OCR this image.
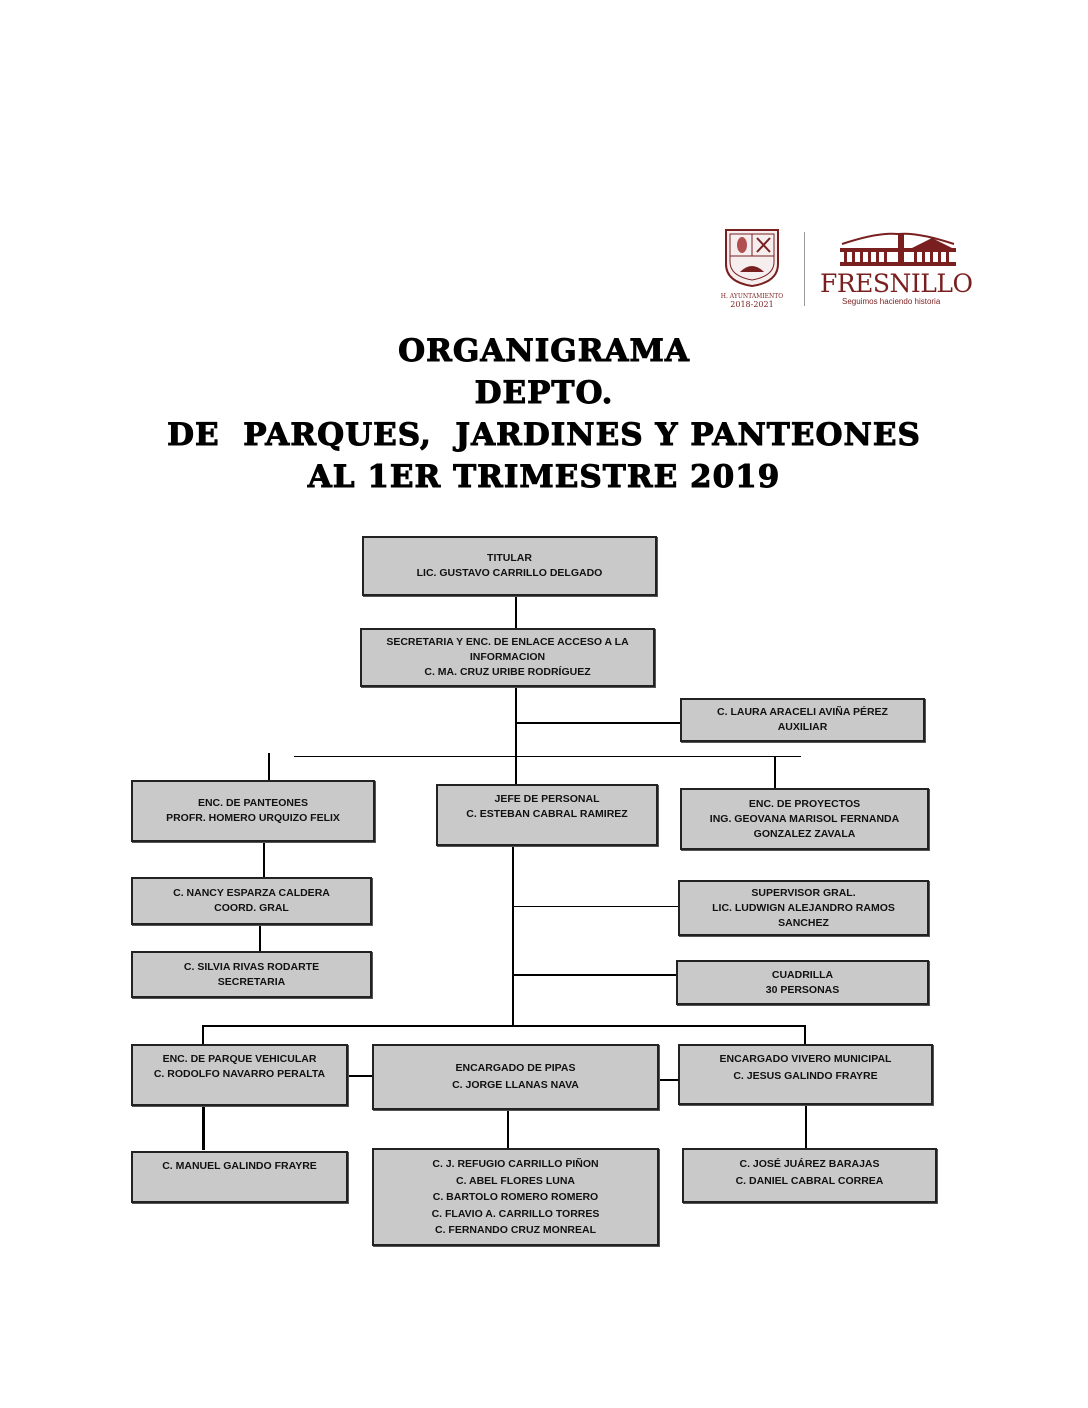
H. AYUNTAMIENTO
2018-2021
FRESNILLO
Seguimos haciendo historia
ORGANIGRAMA
DEPTO.
DE  PARQUES,  JARDINES Y PANTEONES
AL 1ER TRIMESTRE 2019
TITULAR
LIC. GUSTAVO CARRILLO DELGADO
SECRETARIA Y ENC. DE ENLACE ACCESO A LA
INFORMACION
C. MA. CRUZ URIBE RODRÍGUEZ
C. LAURA ARACELI AVIÑA PÉREZ
AUXILIAR
ENC. DE PANTEONES
PROFR. HOMERO URQUIZO FELIX
JEFE DE PERSONAL
C. ESTEBAN CABRAL RAMIREZ
ENC. DE PROYECTOS
ING. GEOVANA MARISOL FERNANDA
GONZALEZ ZAVALA
C. NANCY ESPARZA CALDERA
COORD. GRAL
C. SILVIA RIVAS RODARTE
SECRETARIA
SUPERVISOR GRAL.
LIC. LUDWIGN ALEJANDRO RAMOS
SANCHEZ
CUADRILLA
30 PERSONAS
ENC. DE PARQUE VEHICULAR
C. RODOLFO NAVARRO PERALTA	ENCARGADO DE PIPAS
C. JORGE LLANAS NAVA
ENCARGADO VIVERO MUNICIPAL
C. JESUS GALINDO FRAYRE
C. MANUEL GALINDO FRAYRE	C. J. REFUGIO CARRILLO PIÑON
C. ABEL FLORES LUNA
C. BARTOLO ROMERO ROMERO
C. FLAVIO A. CARRILLO TORRES
C. FERNANDO CRUZ MONREAL
C. JOSÉ JUÁREZ BARAJAS
C. DANIEL CABRAL CORREA
